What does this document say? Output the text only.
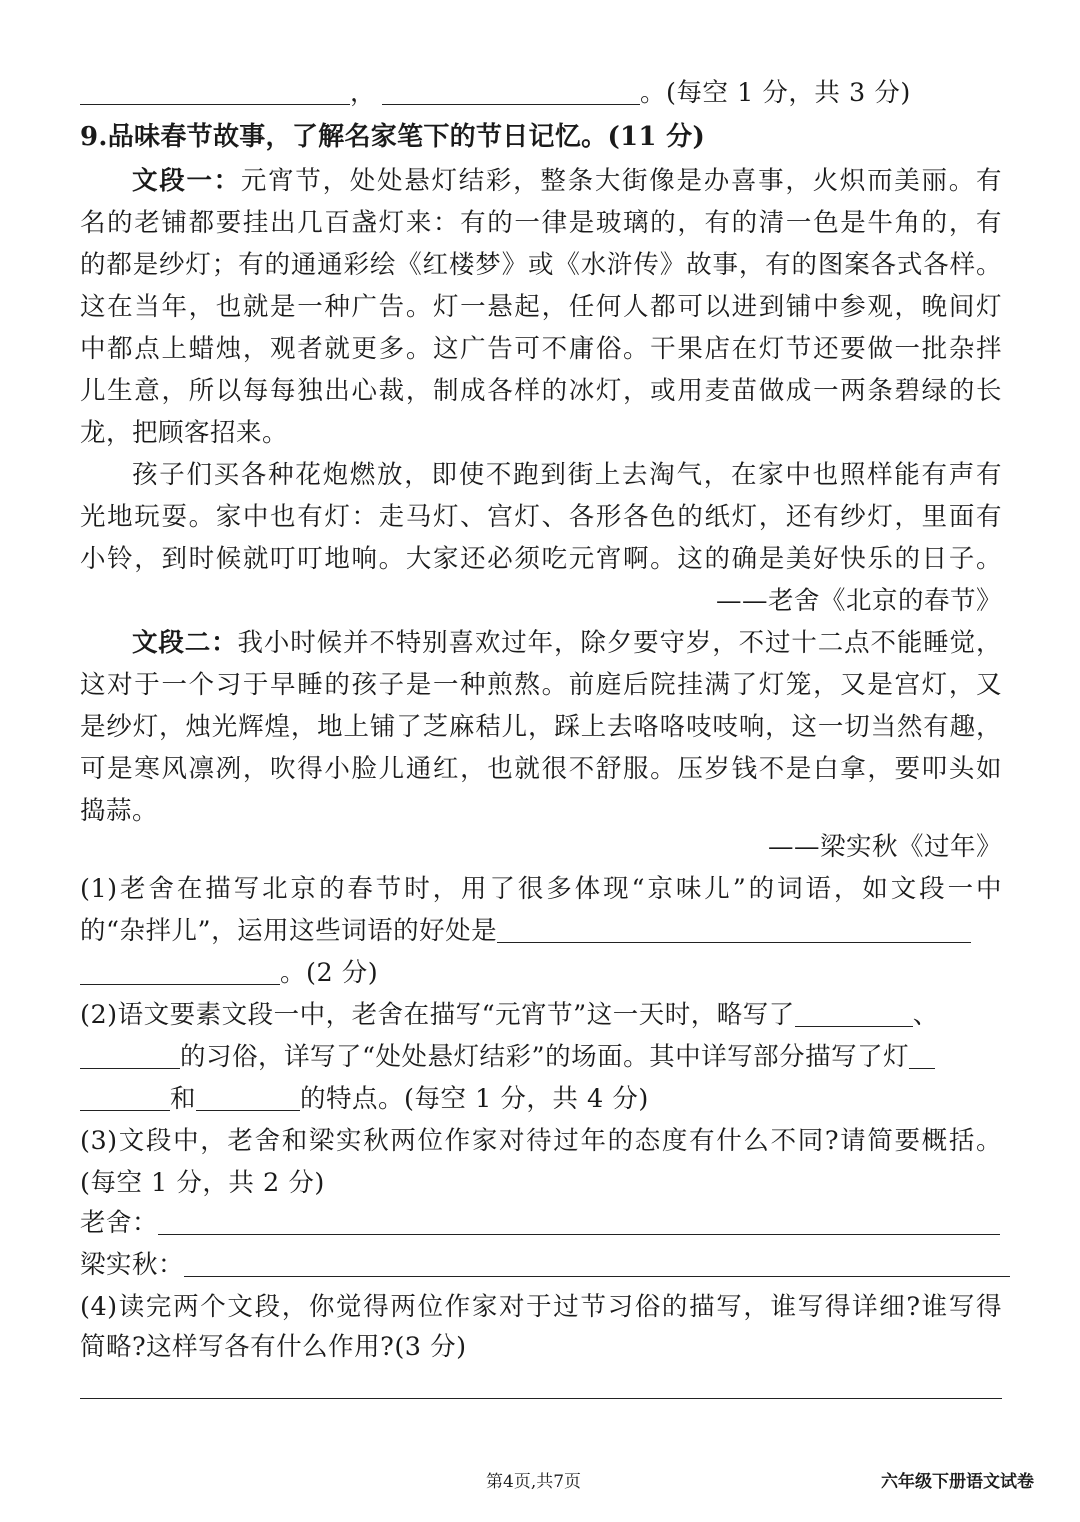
，	。(每空 1 分，共 3 分)
9.品味春节故事，了解名家笔下的节日记忆。(11 分)
文段一：元宵节，处处悬灯结彩，整条大街像是办喜事，火炽而美丽。有
名的老铺都要挂出几百盏灯来：有的一律是玻璃的，有的清一色是牛角的，有
的都是纱灯；有的通通彩绘《红楼梦》或《水浒传》故事，有的图案各式各样。
这在当年，也就是一种广告。灯一悬起，任何人都可以进到铺中参观，晚间灯
中都点上蜡烛，观者就更多。这广告可不庸俗。干果店在灯节还要做一批杂拌
儿生意，所以每每独出心裁，制成各样的冰灯，或用麦苗做成一两条碧绿的长
龙，把顾客招来。
孩子们买各种花炮燃放，即使不跑到街上去淘气，在家中也照样能有声有
光地玩耍。家中也有灯：走马灯、宫灯、各形各色的纸灯，还有纱灯，里面有
小铃，到时候就叮叮地响。大家还必须吃元宵啊。这的确是美好快乐的日子。
——老舍《北京的春节》
文段二：我小时候并不特别喜欢过年，除夕要守岁，不过十二点不能睡觉，
这对于一个习于早睡的孩子是一种煎熬。前庭后院挂满了灯笼，又是宫灯，又
是纱灯，烛光辉煌，地上铺了芝麻秸儿，踩上去咯咯吱吱响，这一切当然有趣，
可是寒风凛冽，吹得小脸儿通红，也就很不舒服。压岁钱不是白拿，要叩头如
捣蒜。
——梁实秋《过年》
(1)老舍在描写北京的春节时，用了很多体现“京味儿”的词语，如文段一中
的“杂拌儿”，运用这些词语的好处是
。(2 分)
(2)语文要素文段一中，老舍在描写“元宵节”这一天时，略写了	、
的习俗，详写了“处处悬灯结彩”的场面。其中详写部分描写了灯
和	的特点。(每空 1 分，共 4 分)
(3)文段中，老舍和梁实秋两位作家对待过年的态度有什么不同?请简要概括。
(每空 1 分，共 2 分)
老舍：
梁实秋：
(4)读完两个文段，你觉得两位作家对于过节习俗的描写，谁写得详细?谁写得
简略?这样写各有什么作用?(3 分)
第4页,共7页	六年级下册语文试卷
